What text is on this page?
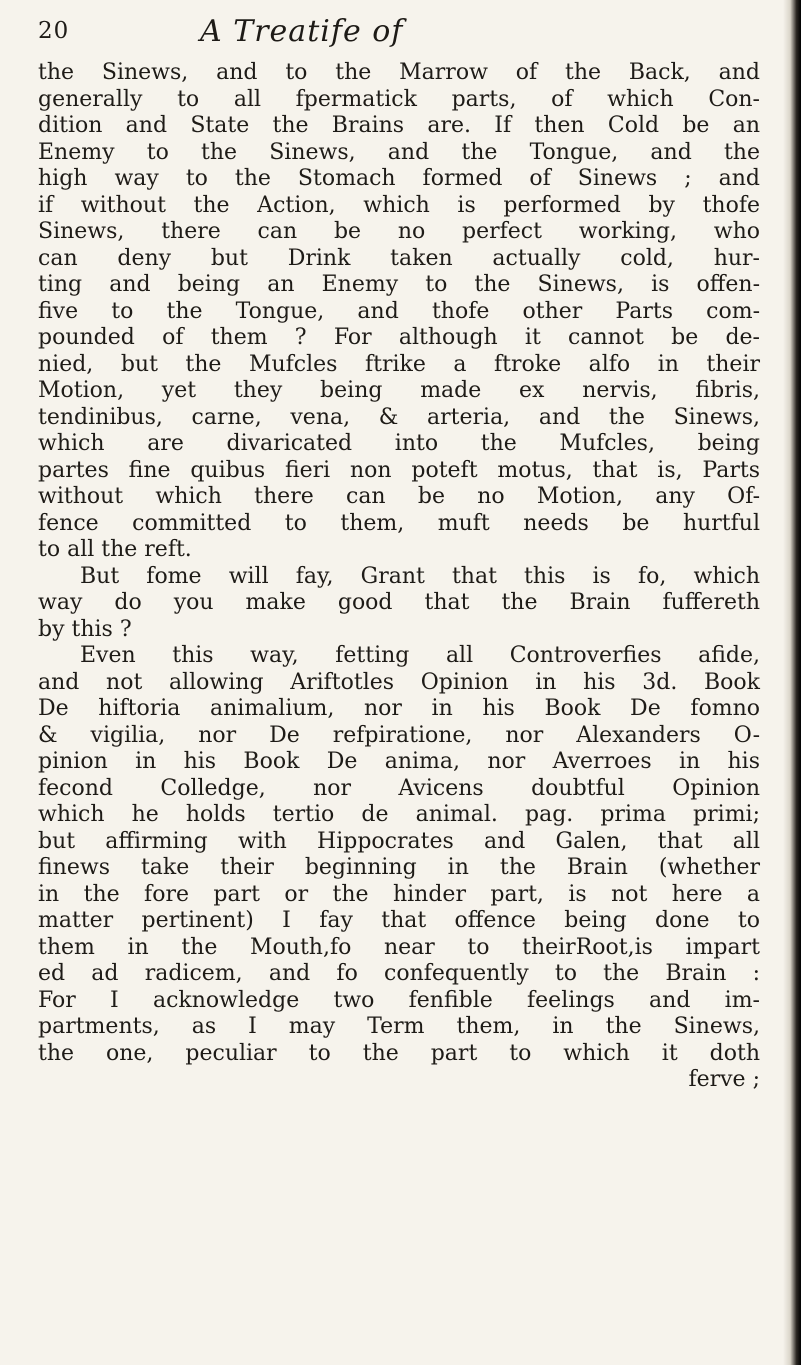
20	A Treatife of
the Sinews, and to the Marrow of the Back, and
generally to all fpermatick parts, of which Con-
dition and State the Brains are. If then Cold be an
Enemy to the Sinews, and the Tongue, and the
high way to the Stomach formed of Sinews ; and
if without the Action, which is performed by thofe
Sinews, there can be no perfect working, who
can deny but Drink taken actually cold, hur-
ting and being an Enemy to the Sinews, is offen-
five to the Tongue, and thofe other Parts com-
pounded of them ? For although it cannot be de-
nied, but the Mufcles ftrike a ftroke alfo in their
Motion, yet they being made ex nervis, fibris,
tendinibus, carne, vena, & arteria, and the Sinews,
which are divaricated into the Mufcles, being
partes fine quibus fieri non poteft motus, that is, Parts
without which there can be no Motion, any Of-
fence committed to them, muft needs be hurtful
to all the reft.
But fome will fay, Grant that this is fo, which
way do you make good that the Brain fuffereth
by this ?
Even this way, fetting all Controverfies afide,
and not allowing Ariftotles Opinion in his 3d. Book
De hiftoria animalium, nor in his Book De fomno
& vigilia, nor De refpiratione, nor Alexanders O-
pinion in his Book De anima, nor Averroes in his
fecond Colledge, nor Avicens doubtful Opinion
which he holds tertio de animal. pag. prima primi;
but affirming with Hippocrates and Galen, that all
finews take their beginning in the Brain (whether
in the fore part or the hinder part, is not here a
matter pertinent) I fay that offence being done to
them in the Mouth,fo near to theirRoot,is impart
ed ad radicem, and fo confequently to the Brain :
For I acknowledge two fenfible feelings and im-
partments, as I may Term them, in the Sinews,
the one, peculiar to the part to which it doth
ferve ;
